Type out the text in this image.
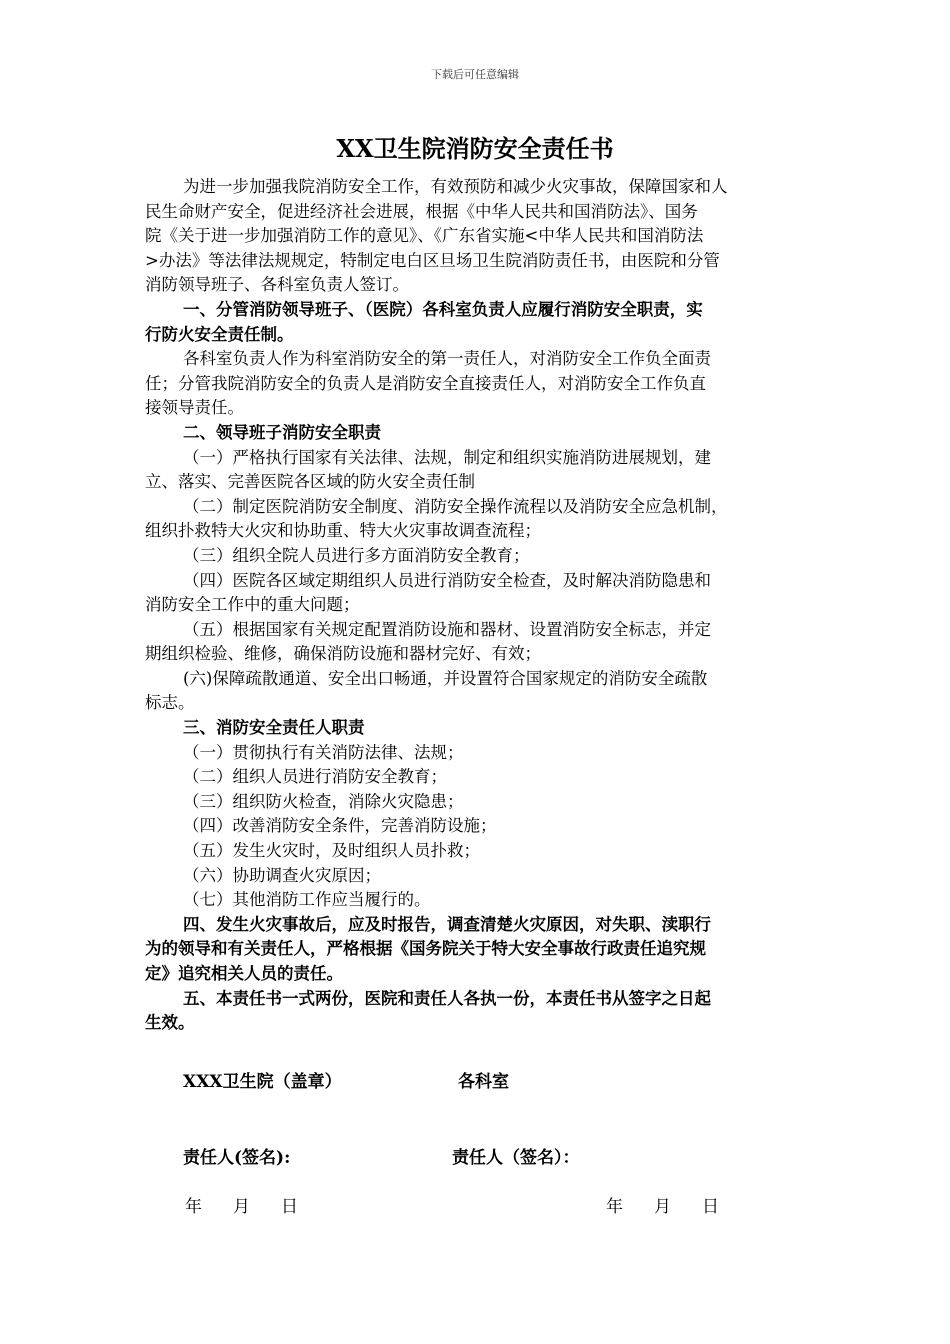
下载后可任意编辑
XX卫生院消防安全责任书

为进一步加强我院消防安全工作，有效预防和减少火灾事故，保障国家和人

民生命财产安全，促进经济社会进展，根据《中华人民共和国消防法》、国务

院《关于进一步加强消防工作的意见》、《广东省实施<中华人民共和国消防法

>办法》等法律法规规定，特制定电白区旦场卫生院消防责任书，由医院和分管

消防领导班子、各科室负责人签订。

一、分管消防领导班子、（医院）各科室负责人应履行消防安全职责，实

行防火安全责任制。

各科室负责人作为科室消防安全的第一责任人，对消防安全工作负全面责

任；分管我院消防安全的负责人是消防安全直接责任人，对消防安全工作负直

接领导责任。

二、领导班子消防安全职责

（一）严格执行国家有关法律、法规，制定和组织实施消防进展规划，建

立、落实、完善医院各区域的防火安全责任制

（二）制定医院消防安全制度、消防安全操作流程以及消防安全应急机制，

组织扑救特大火灾和协助重、特大火灾事故调查流程；

（三）组织全院人员进行多方面消防安全教育；

（四）医院各区域定期组织人员进行消防安全检查，及时解决消防隐患和

消防安全工作中的重大问题；

（五）根据国家有关规定配置消防设施和器材、设置消防安全标志，并定

期组织检验、维修，确保消防设施和器材完好、有效；

(六)保障疏散通道、安全出口畅通，并设置符合国家规定的消防安全疏散

标志。

三、消防安全责任人职责

（一）贯彻执行有关消防法律、法规；

（二）组织人员进行消防安全教育；

（三）组织防火检查，消除火灾隐患；

（四）改善消防安全条件，完善消防设施；

（五）发生火灾时，及时组织人员扑救；

（六）协助调查火灾原因；

（七）其他消防工作应当履行的。

四、发生火灾事故后，应及时报告，调查清楚火灾原因，对失职、渎职行

为的领导和有关责任人，严格根据《国务院关于特大安全事故行政责任追究规

定》追究相关人员的责任。

五、本责任书一式两份，医院和责任人各执一份，本责任书从签字之日起

生效。

XXX卫生院（盖章）	各科室
责任人(签名):	责任人（签名）：
年	月	日	年	月	日
